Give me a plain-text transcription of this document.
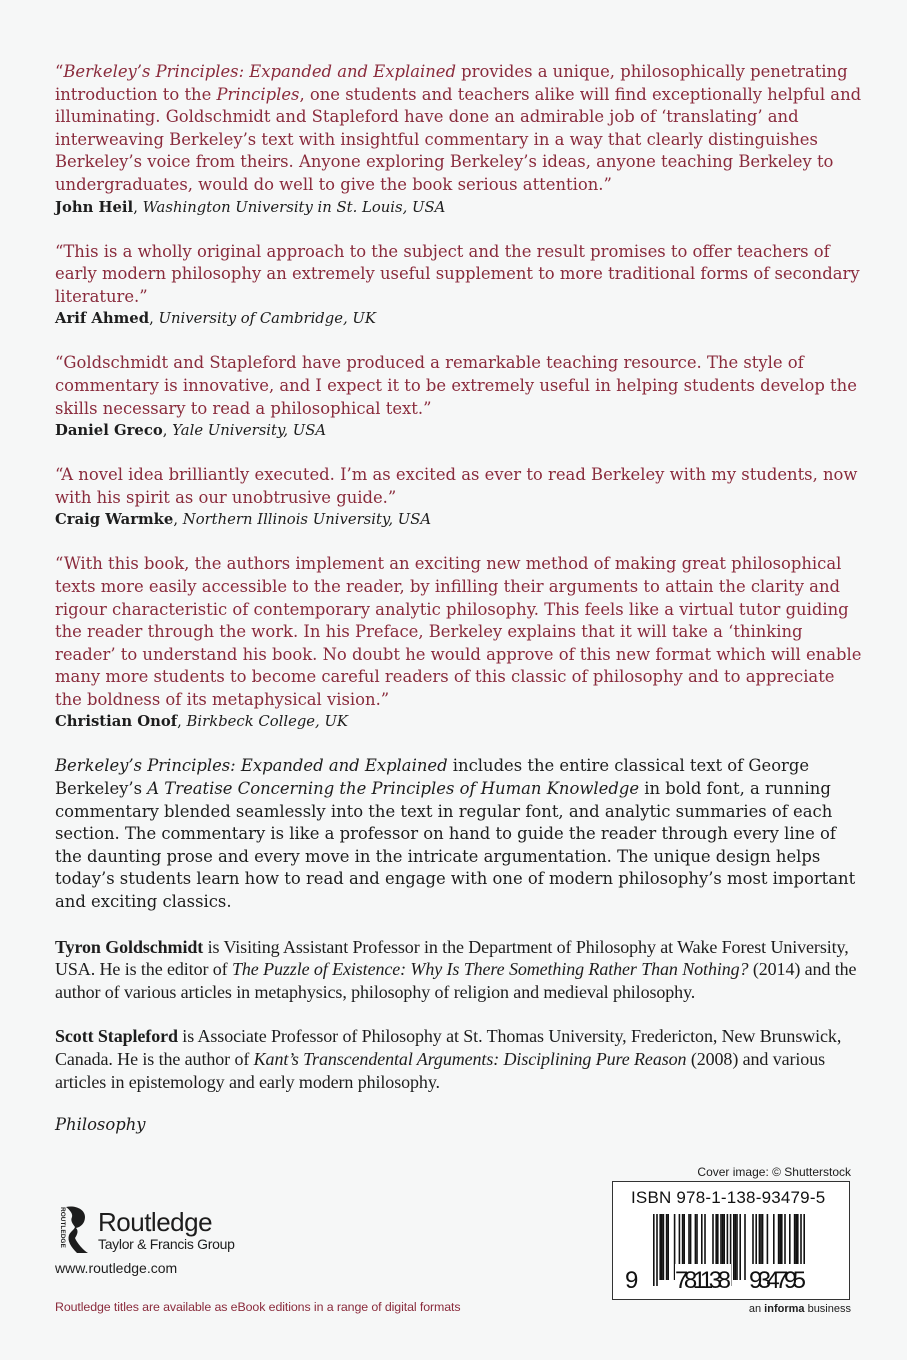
“Berkeley’s Principles: Expanded and Explained provides a unique, philosophically penetrating introduction to the Principles, one students and teachers alike will find exceptionally helpful and illuminating. Goldschmidt and Stapleford have done an admirable job of ‘translating’ and interweaving Berkeley’s text with insightful commentary in a way that clearly distinguishes Berkeley’s voice from theirs. Anyone exploring Berkeley’s ideas, anyone teaching Berkeley to undergraduates, would do well to give the book serious attention.”

John Heil, Washington University in St. Louis, USA

“This is a wholly original approach to the subject and the result promises to offer teachers of early modern philosophy an extremely useful supplement to more traditional forms of secondary literature.”

Arif Ahmed, University of Cambridge, UK

“Goldschmidt and Stapleford have produced a remarkable teaching resource. The style of commentary is innovative, and I expect it to be extremely useful in helping students develop the skills necessary to read a philosophical text.”

Daniel Greco, Yale University, USA

“A novel idea brilliantly executed. I’m as excited as ever to read Berkeley with my students, now with his spirit as our unobtrusive guide.”

Craig Warmke, Northern Illinois University, USA

“With this book, the authors implement an exciting new method of making great philosophical texts more easily accessible to the reader, by infilling their arguments to attain the clarity and rigour characteristic of contemporary analytic philosophy. This feels like a virtual tutor guiding the reader through the work. In his Preface, Berkeley explains that it will take a ‘thinking reader’ to understand his book. No doubt he would approve of this new format which will enable many more students to become careful readers of this classic of philosophy and to appreciate the boldness of its metaphysical vision.”

Christian Onof, Birkbeck College, UK

Berkeley’s Principles: Expanded and Explained includes the entire classical text of George Berkeley’s A Treatise Concerning the Principles of Human Knowledge in bold font, a running commentary blended seamlessly into the text in regular font, and analytic summaries of each section. The commentary is like a professor on hand to guide the reader through every line of the daunting prose and every move in the intricate argumentation. The unique design helps today’s students learn how to read and engage with one of modern philosophy’s most important and exciting classics.

Tyron Goldschmidt is Visiting Assistant Professor in the Department of Philosophy at Wake Forest University, USA. He is the editor of The Puzzle of Existence: Why Is There Something Rather Than Nothing? (2014) and the author of various articles in metaphysics, philosophy of religion and medieval philosophy.

Scott Stapleford is Associate Professor of Philosophy at St. Thomas University, Fredericton, New Brunswick, Canada. He is the author of Kant’s Transcendental Arguments: Disciplining Pure Reason (2008) and various articles in epistemology and early modern philosophy.

Philosophy

Cover image: © Shutterstock
ROUTLEDGE Routledge
Taylor & Francis Group
www.routledge.com
Routledge titles are available as eBook editions in a range of digital formats
ISBN 978-1-138-93479-5
9 781138 934795
an informa business
